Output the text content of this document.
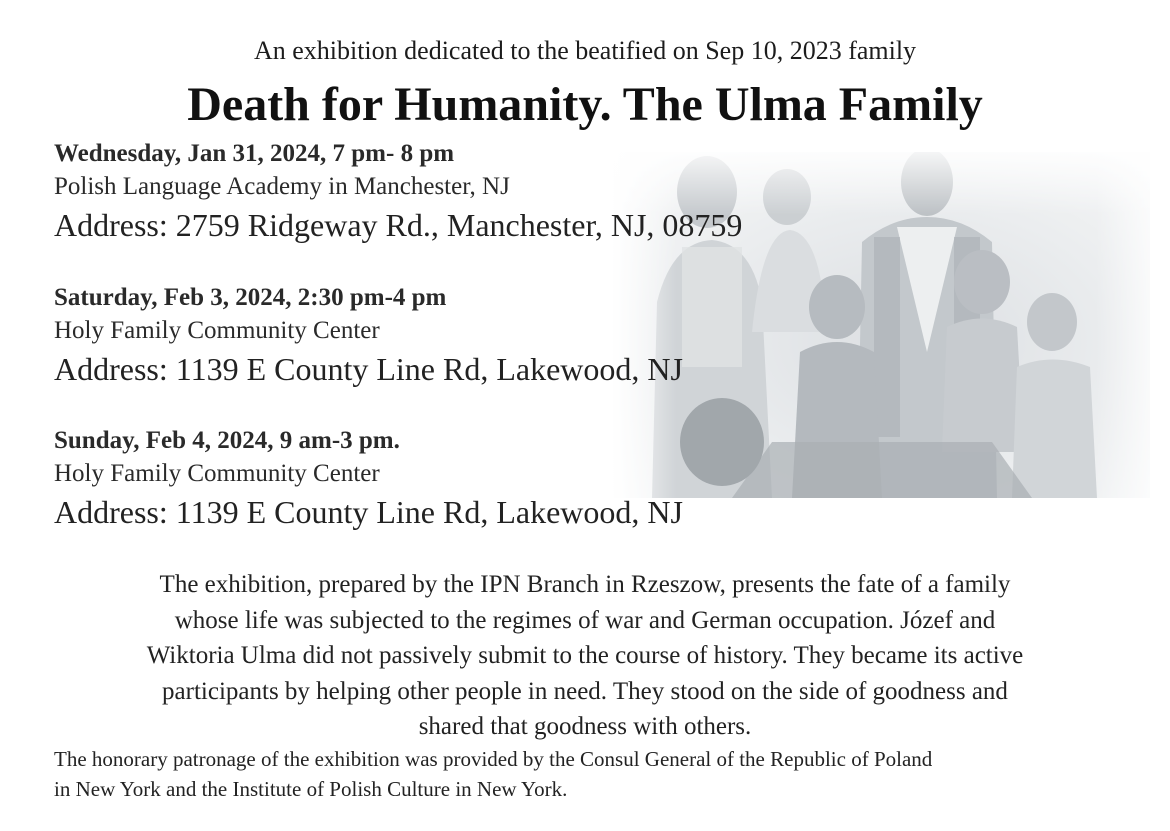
An exhibition dedicated to the beatified on Sep 10, 2023 family
Death for Humanity. The Ulma Family
Wednesday, Jan 31, 2024, 7 pm- 8 pm
Polish Language Academy in Manchester, NJ
Address: 2759 Ridgeway Rd., Manchester, NJ, 08759
Saturday, Feb 3, 2024, 2:30 pm-4 pm
Holy Family Community Center
Address: 1139 E County Line Rd, Lakewood, NJ
Sunday, Feb 4, 2024, 9 am-3 pm.
Holy Family Community Center
Address: 1139 E County Line Rd, Lakewood, NJ
The exhibition, prepared by the IPN Branch in Rzeszow, presents the fate of a family
whose life was subjected to the regimes of war and German occupation. Józef and
Wiktoria Ulma did not passively submit to the course of history. They became its active
participants by helping other people in need. They stood on the side of goodness and
shared that goodness with others.
The honorary patronage of the exhibition was provided by the Consul General of the Republic of Poland
in New York and the Institute of Polish Culture in New York.
